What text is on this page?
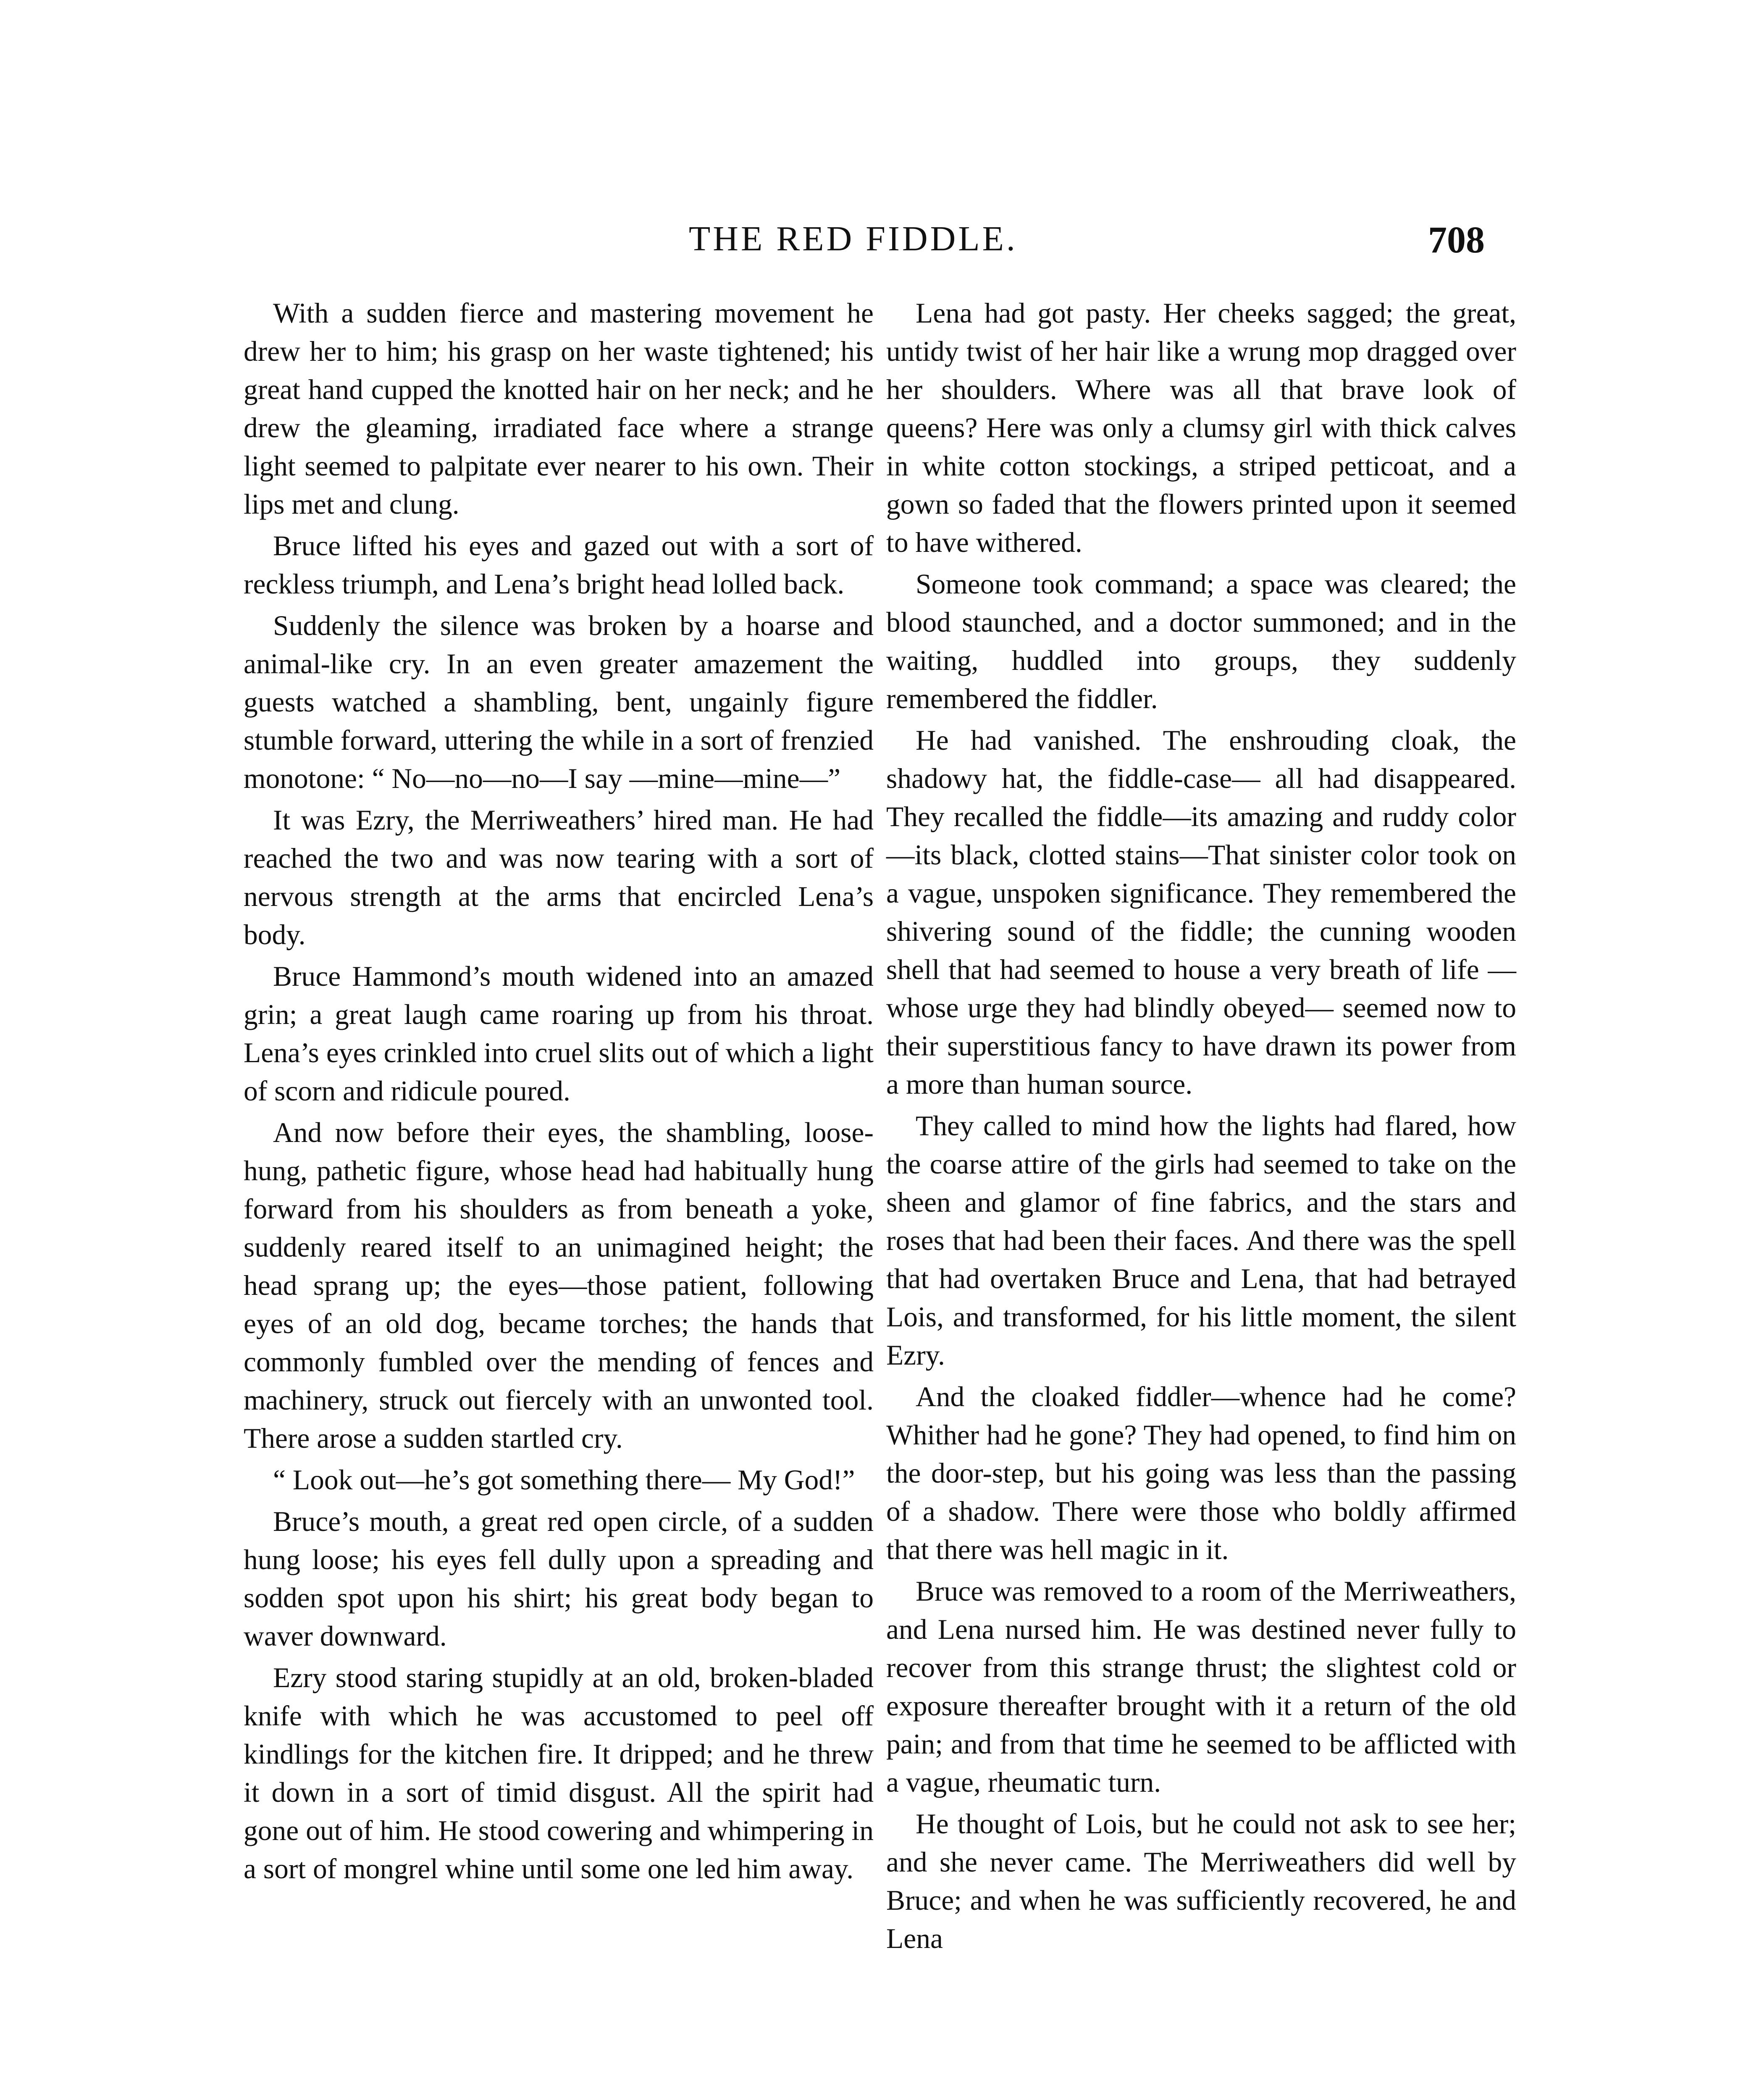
THE RED FIDDLE.	708

With a sudden fierce and mastering movement he drew her to him; his grasp on her waste tightened; his great hand cupped the knotted hair on her neck; and he drew the gleaming, irradiated face where a strange light seemed to palpitate ever nearer to his own. Their lips met and clung.

Bruce lifted his eyes and gazed out with a sort of reckless triumph, and Lena’s bright head lolled back.

Suddenly the silence was broken by a hoarse and animal-like cry. In an even greater amazement the guests watched a shambling, bent, ungainly figure stumble forward, uttering the while in a sort of frenzied monotone: “ No—no—no—I say —mine—mine—”

It was Ezry, the Merriweathers’ hired man. He had reached the two and was now tearing with a sort of nervous strength at the arms that encircled Lena’s body.

Bruce Hammond’s mouth widened into an amazed grin; a great laugh came roaring up from his throat. Lena’s eyes crinkled into cruel slits out of which a light of scorn and ridicule poured.

And now before their eyes, the shambling, loose-hung, pathetic figure, whose head had habitually hung forward from his shoulders as from beneath a yoke, suddenly reared itself to an unimagined height; the head sprang up; the eyes—those patient, following eyes of an old dog, became torches; the hands that commonly fumbled over the mending of fences and machinery, struck out fiercely with an unwonted tool. There arose a sudden startled cry.

“ Look out—he’s got something there— My God!”

Bruce’s mouth, a great red open circle, of a sudden hung loose; his eyes fell dully upon a spreading and sodden spot upon his shirt; his great body began to waver downward.

Ezry stood staring stupidly at an old, broken-bladed knife with which he was accustomed to peel off kindlings for the kitchen fire. It dripped; and he threw it down in a sort of timid disgust. All the spirit had gone out of him. He stood cowering and whimpering in a sort of mongrel whine until some one led him away.

Lena had got pasty. Her cheeks sagged; the great, untidy twist of her hair like a wrung mop dragged over her shoulders. Where was all that brave look of queens? Here was only a clumsy girl with thick calves in white cotton stockings, a striped petticoat, and a gown so faded that the flowers printed upon it seemed to have withered.

Someone took command; a space was cleared; the blood staunched, and a doctor summoned; and in the waiting, huddled into groups, they suddenly remembered the fiddler.

He had vanished. The enshrouding cloak, the shadowy hat, the fiddle-case— all had disappeared. They recalled the fiddle—its amazing and ruddy color—its black, clotted stains—That sinister color took on a vague, unspoken significance. They remembered the shivering sound of the fiddle; the cunning wooden shell that had seemed to house a very breath of life —whose urge they had blindly obeyed— seemed now to their superstitious fancy to have drawn its power from a more than human source.

They called to mind how the lights had flared, how the coarse attire of the girls had seemed to take on the sheen and glamor of fine fabrics, and the stars and roses that had been their faces. And there was the spell that had overtaken Bruce and Lena, that had betrayed Lois, and transformed, for his little moment, the silent Ezry.

And the cloaked fiddler—whence had he come? Whither had he gone? They had opened, to find him on the door-step, but his going was less than the passing of a shadow. There were those who boldly affirmed that there was hell magic in it.

Bruce was removed to a room of the Merriweathers, and Lena nursed him. He was destined never fully to recover from this strange thrust; the slightest cold or exposure thereafter brought with it a return of the old pain; and from that time he seemed to be afflicted with a vague, rheumatic turn.

He thought of Lois, but he could not ask to see her; and she never came. The Merriweathers did well by Bruce; and when he was sufficiently recovered, he and Lena
